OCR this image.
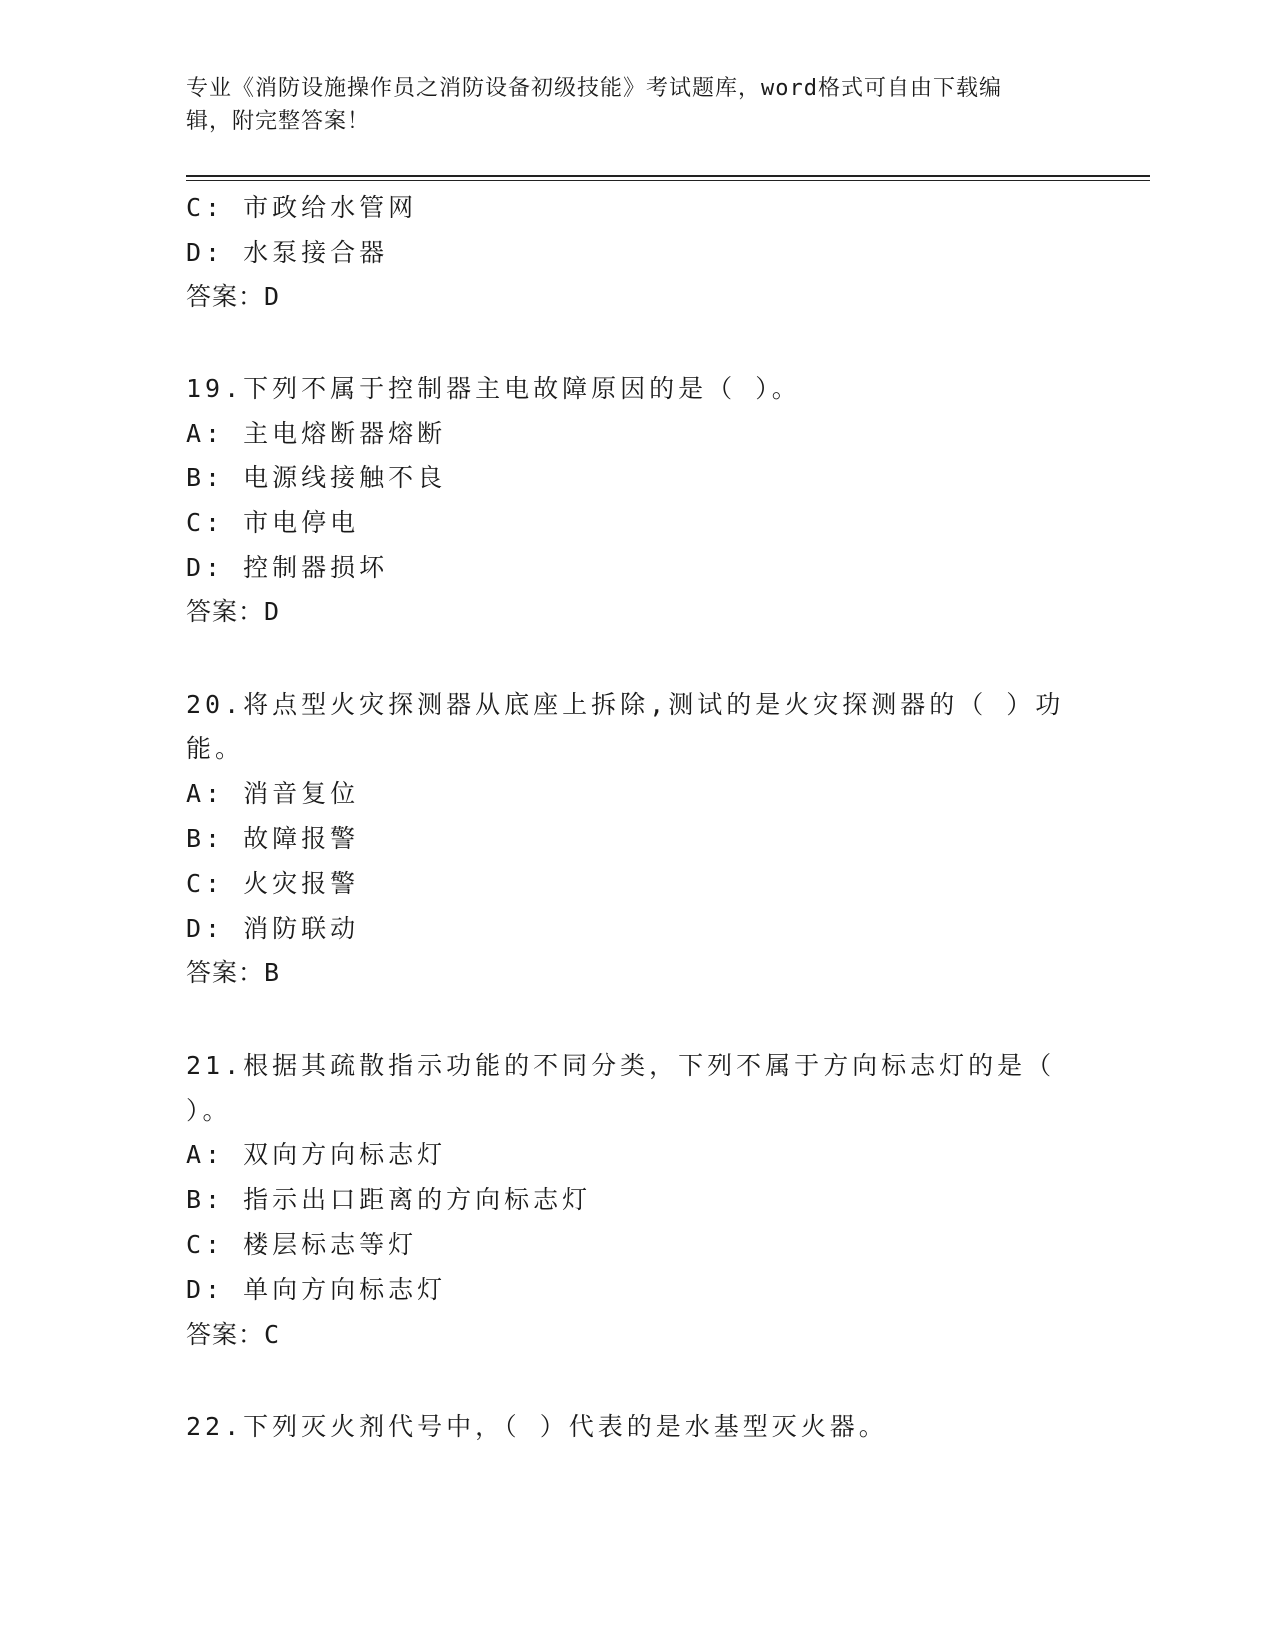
专业《消防设施操作员之消防设备初级技能》考试题库，word格式可自由下载编
辑，附完整答案！
C: 市政给水管网
D: 水泵接合器
答案：D
19.下列不属于控制器主电故障原因的是（ ）。
A: 主电熔断器熔断
B: 电源线接触不良
C: 市电停电
D: 控制器损坏
答案：D
20.将点型火灾探测器从底座上拆除,测试的是火灾探测器的（ ）功
能。
A: 消音复位
B: 故障报警
C: 火灾报警
D: 消防联动
答案：B
21.根据其疏散指示功能的不同分类，下列不属于方向标志灯的是（
）。
A: 双向方向标志灯
B: 指示出口距离的方向标志灯
C: 楼层标志等灯
D: 单向方向标志灯
答案：C
22.下列灭火剂代号中，（ ）代表的是水基型灭火器。
